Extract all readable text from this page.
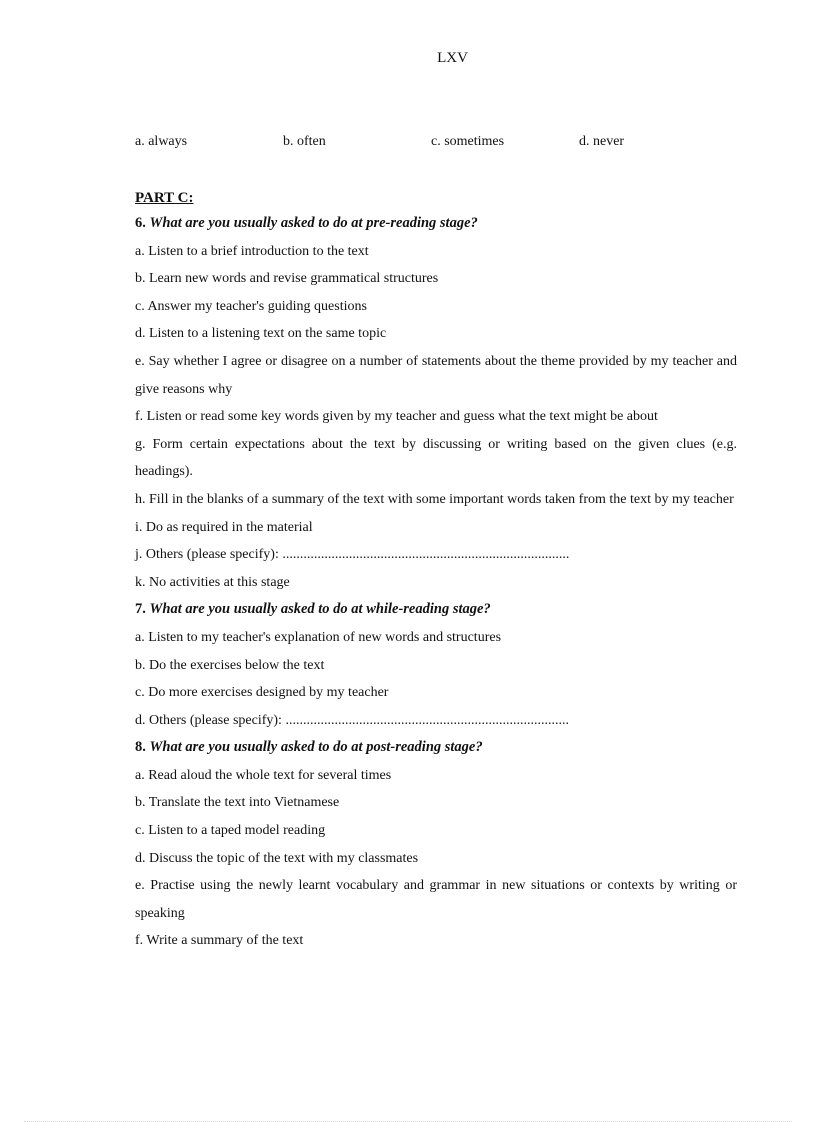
LXV
a. always	b. often	c. sometimes	d. never
PART C:
6. What are you usually asked to do at pre-reading stage?
a. Listen to a brief introduction to the text
b. Learn new words and revise grammatical structures
c. Answer my teacher's guiding questions
d. Listen to a listening text on the same topic
e. Say whether I agree or disagree on a number of statements about the theme provided by my teacher and give reasons why
f. Listen or read some key words given by my teacher and guess what the text might be about
g. Form certain expectations about the text by discussing or writing based on the given clues (e.g. headings).
h. Fill in the blanks of a summary of the text with some important words taken from the text by my teacher
i. Do as required in the material
j. Others (please specify): ..................................................................................
k. No activities at this stage
7. What are you usually asked to do at while-reading stage?
a. Listen to my teacher's explanation of new words and structures
b. Do the exercises below the text
c. Do more exercises designed by my teacher
d. Others (please specify): .................................................................................
8. What are you usually asked to do at post-reading stage?
a. Read aloud the whole text for several times
b. Translate the text into Vietnamese
c. Listen to a taped model reading
d. Discuss the topic of the text with my classmates
e. Practise using the newly learnt vocabulary and grammar in new situations or contexts by writing or speaking
f. Write a summary of the text
